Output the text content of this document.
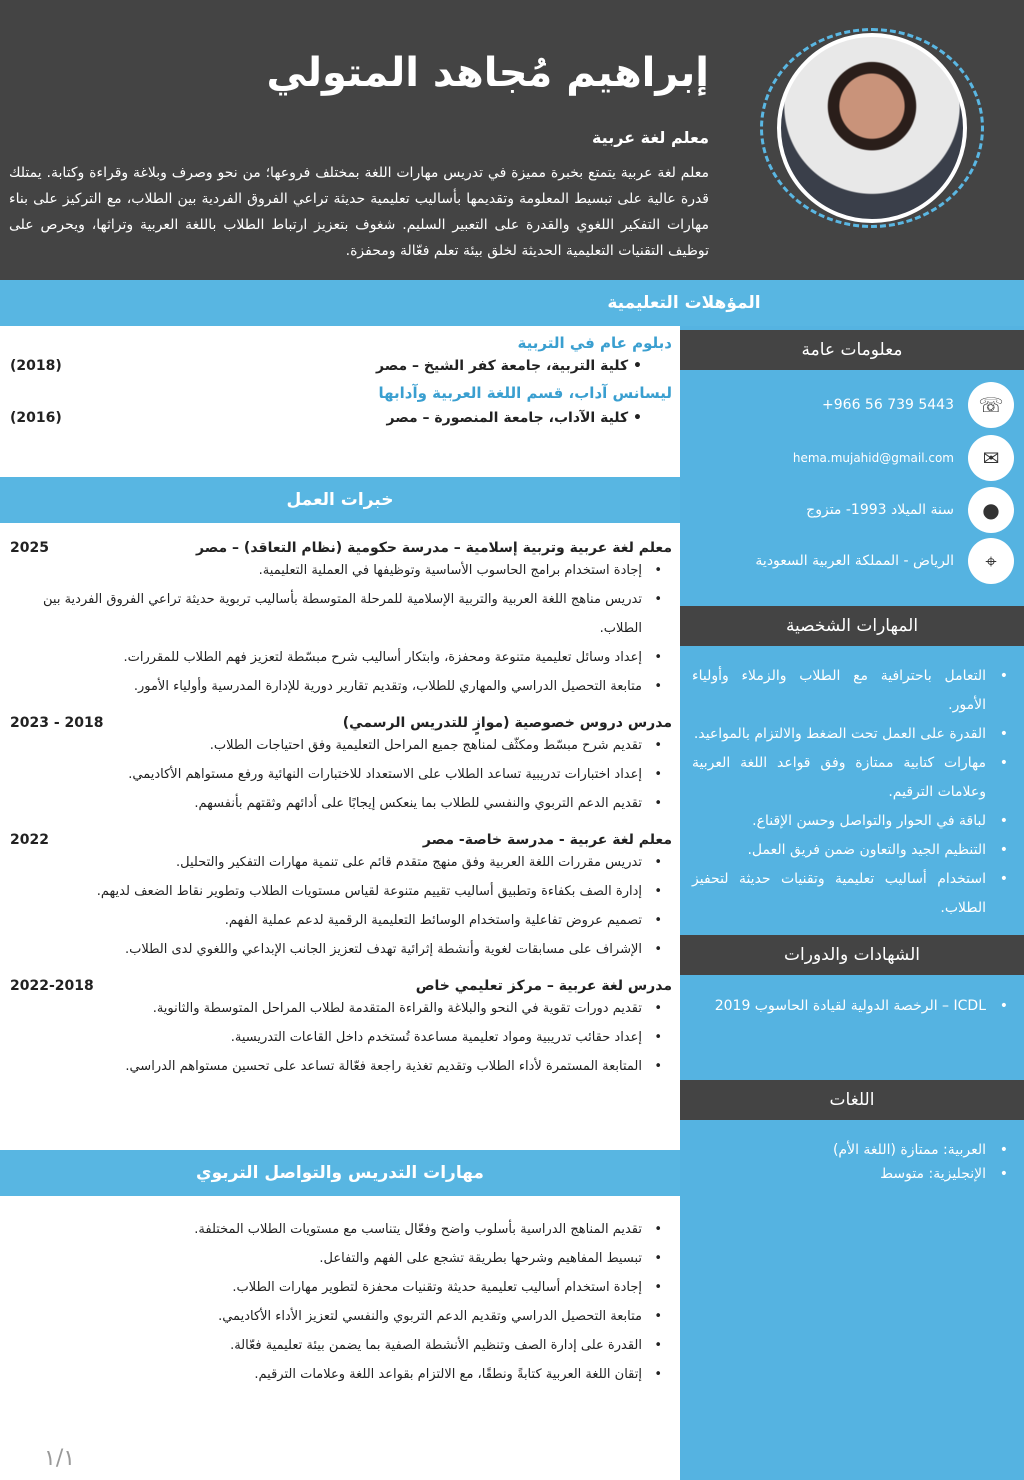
إبراهيم مُجاهد المتولي
معلم لغة عربية
معلم لغة عربية يتمتع بخبرة مميزة في تدريس مهارات اللغة بمختلف فروعها؛ من نحو وصرف وبلاغة وقراءة وكتابة. يمتلك قدرة عالية على تبسيط المعلومة وتقديمها بأساليب تعليمية حديثة تراعي الفروق الفردية بين الطلاب، مع التركيز على بناء مهارات التفكير اللغوي والقدرة على التعبير السليم. شغوف بتعزيز ارتباط الطلاب باللغة العربية وتراثها، ويحرص على توظيف التقنيات التعليمية الحديثة لخلق بيئة تعلم فعّالة ومحفزة.
المؤهلات التعليمية
معلومات عامة
☏
+966 56 739 5443
✉
hema.mujahid@gmail.com
●
سنة الميلاد 1993- متزوج
⌖
الرياض - المملكة العربية السعودية
المهارات الشخصية
• التعامل باحترافية مع الطلاب والزملاء وأولياء الأمور.
• القدرة على العمل تحت الضغط والالتزام بالمواعيد.
• مهارات كتابية ممتازة وفق قواعد اللغة العربية وعلامات الترقيم.
• لباقة في الحوار والتواصل وحسن الإقناع.
• التنظيم الجيد والتعاون ضمن فريق العمل.
• استخدام أساليب تعليمية وتقنيات حديثة لتحفيز الطلاب.
الشهادات والدورات
• ICDL – الرخصة الدولية لقيادة الحاسوب 2019
اللغات
• العربية: ممتازة (اللغة الأم)
• الإنجليزية: متوسط
دبلوم عام في التربية
• كلية التربية، جامعة كفر الشيخ – مصر
(2018)
ليسانس آداب، قسم اللغة العربية وآدابها
• كلية الآداب، جامعة المنصورة – مصر
(2016)
خبرات العمل
معلم لغة عربية وتربية إسلامية – مدرسة حكومية (نظام التعاقد) – مصر
2025
• إجادة استخدام برامج الحاسوب الأساسية وتوظيفها في العملية التعليمية.
• تدريس مناهج اللغة العربية والتربية الإسلامية للمرحلة المتوسطة بأساليب تربوية حديثة تراعي الفروق الفردية بين الطلاب.
• إعداد وسائل تعليمية متنوعة ومحفزة، وابتكار أساليب شرح مبسّطة لتعزيز فهم الطلاب للمقررات.
• متابعة التحصيل الدراسي والمهاري للطلاب، وتقديم تقارير دورية للإدارة المدرسية وأولياء الأمور.
مدرس دروس خصوصية (موازٍ للتدريس الرسمي)
2023 - 2018
• تقديم شرح مبسّط ومكثّف لمناهج جميع المراحل التعليمية وفق احتياجات الطلاب.
• إعداد اختبارات تدريبية تساعد الطلاب على الاستعداد للاختبارات النهائية ورفع مستواهم الأكاديمي.
• تقديم الدعم التربوي والنفسي للطلاب بما ينعكس إيجابًا على أدائهم وثقتهم بأنفسهم.
معلم لغة عربية - مدرسة خاصة- مصر
2022
• تدريس مقررات اللغة العربية وفق منهج متقدم قائم على تنمية مهارات التفكير والتحليل.
• إدارة الصف بكفاءة وتطبيق أساليب تقييم متنوعة لقياس مستويات الطلاب وتطوير نقاط الضعف لديهم.
• تصميم عروض تفاعلية واستخدام الوسائط التعليمية الرقمية لدعم عملية الفهم.
• الإشراف على مسابقات لغوية وأنشطة إثرائية تهدف لتعزيز الجانب الإبداعي واللغوي لدى الطلاب.
مدرس لغة عربية – مركز تعليمي خاص
2022-2018
• تقديم دورات تقوية في النحو والبلاغة والقراءة المتقدمة لطلاب المراحل المتوسطة والثانوية.
• إعداد حقائب تدريبية ومواد تعليمية مساعدة تُستخدم داخل القاعات التدريسية.
• المتابعة المستمرة لأداء الطلاب وتقديم تغذية راجعة فعّالة تساعد على تحسين مستواهم الدراسي.
مهارات التدريس والتواصل التربوي
• تقديم المناهج الدراسية بأسلوب واضح وفعّال يتناسب مع مستويات الطلاب المختلفة.
• تبسيط المفاهيم وشرحها بطريقة تشجع على الفهم والتفاعل.
• إجادة استخدام أساليب تعليمية حديثة وتقنيات محفزة لتطوير مهارات الطلاب.
• متابعة التحصيل الدراسي وتقديم الدعم التربوي والنفسي لتعزيز الأداء الأكاديمي.
• القدرة على إدارة الصف وتنظيم الأنشطة الصفية بما يضمن بيئة تعليمية فعّالة.
• إتقان اللغة العربية كتابةً ونطقًا، مع الالتزام بقواعد اللغة وعلامات الترقيم.
١/١
